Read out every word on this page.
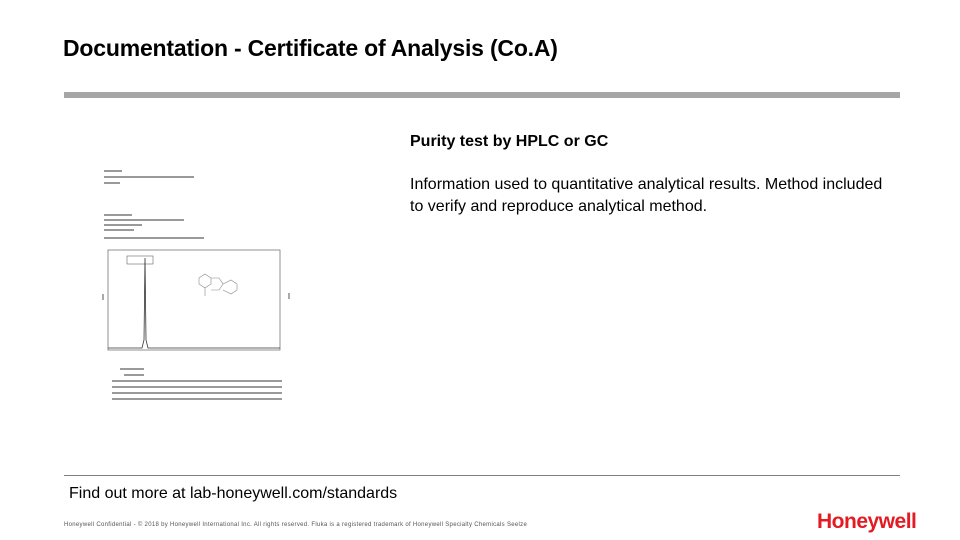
Documentation - Certificate of Analysis (Co.A)
Purity test by HPLC or GC
Information used to quantitative analytical results. Method included to verify and reproduce analytical method.
Find out more at lab-honeywell.com/standards
Honeywell Confidential - © 2018 by Honeywell International Inc. All rights reserved. Fluka is a registered trademark of Honeywell Specialty Chemicals Seelze	Honeywell
